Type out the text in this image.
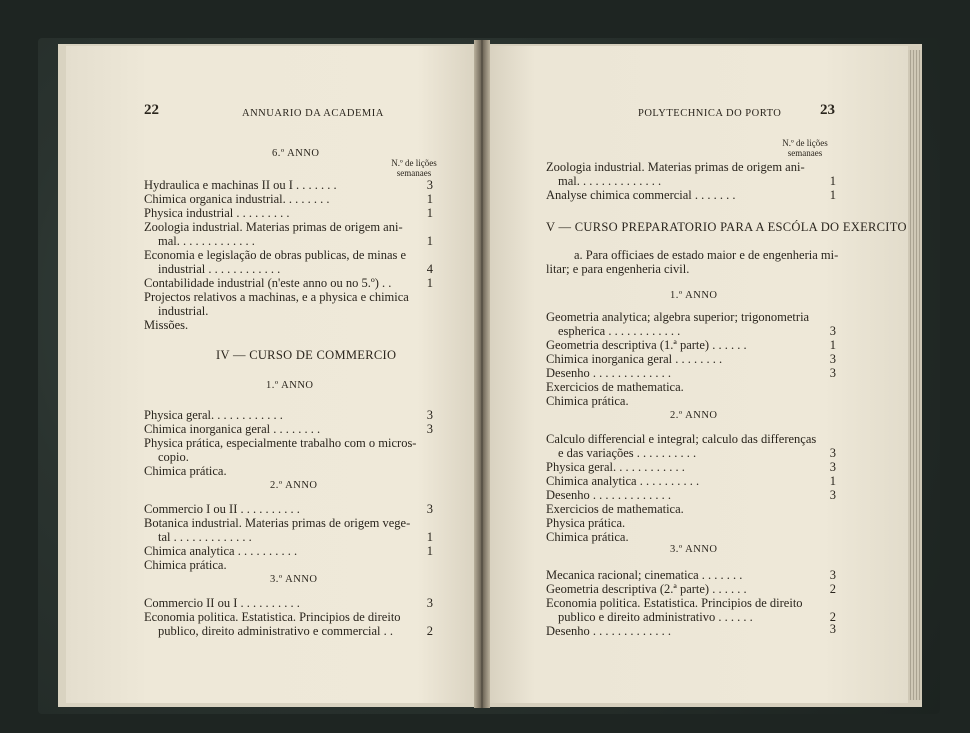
22	ANNUARIO DA ACADEMIA
6.º ANNO
N.º de lições
semanaes
Hydraulica e machinas II ou I . . . . . . .	3
Chimica organica industrial. . . . . . . .	1
Physica industrial . . . . . . . . .	1
Zoologia industrial. Materias primas de origem ani-
mal. . . . . . . . . . . . .	1
Economia e legislação de obras publicas, de minas e
industrial . . . . . . . . . . . .	4
Contabilidade industrial (n'este anno ou no 5.º) . .	1
Projectos relativos a machinas, e a physica e chimica
industrial.
Missões.
IV — CURSO DE COMMERCIO
1.º ANNO
Physica geral. . . . . . . . . . . .	3
Chimica inorganica geral . . . . . . . .	3
Physica prática, especialmente trabalho com o micros-
copio.
Chimica prática.
2.º ANNO
Commercio I ou II . . . . . . . . . .	3
Botanica industrial. Materias primas de origem vege-
tal . . . . . . . . . . . . .	1
Chimica analytica . . . . . . . . . .	1
Chimica prática.
3.º ANNO
Commercio II ou I . . . . . . . . . .	3
Economia politica. Estatistica. Principios de direito
publico, direito administrativo e commercial . .	2
POLYTECHNICA DO PORTO	23
N.º de lições
semanaes
Zoologia industrial. Materias primas de origem ani-
mal. . . . . . . . . . . . . .	1
Analyse chimica commercial . . . . . . .	1
V — CURSO PREPARATORIO PARA A ESCÓLA DO EXERCITO
a. Para officiaes de estado maior e de engenheria mi-
litar; e para engenheria civil.
1.º ANNO
Geometria analytica; algebra superior; trigonometria
espherica . . . . . . . . . . . .	3
Geometria descriptiva (1.ª parte) . . . . . .	1
Chimica inorganica geral . . . . . . . .	3
Desenho . . . . . . . . . . . . .	3
Exercicios de mathematica.
Chimica prática.
2.º ANNO
Calculo differencial e integral; calculo das differenças
e das variações . . . . . . . . . .	3
Physica geral. . . . . . . . . . . .	3
Chimica analytica . . . . . . . . . .	1
Desenho . . . . . . . . . . . . .	3
Exercicios de mathematica.
Physica prática.
Chimica prática.
3.º ANNO
Mecanica racional; cinematica . . . . . . .	3
Geometria descriptiva (2.ª parte) . . . . . .	2
Economia politica. Estatistica. Principios de direito
publico e direito administrativo . . . . . .	2
Desenho . . . . . . . . . . . . .	3
